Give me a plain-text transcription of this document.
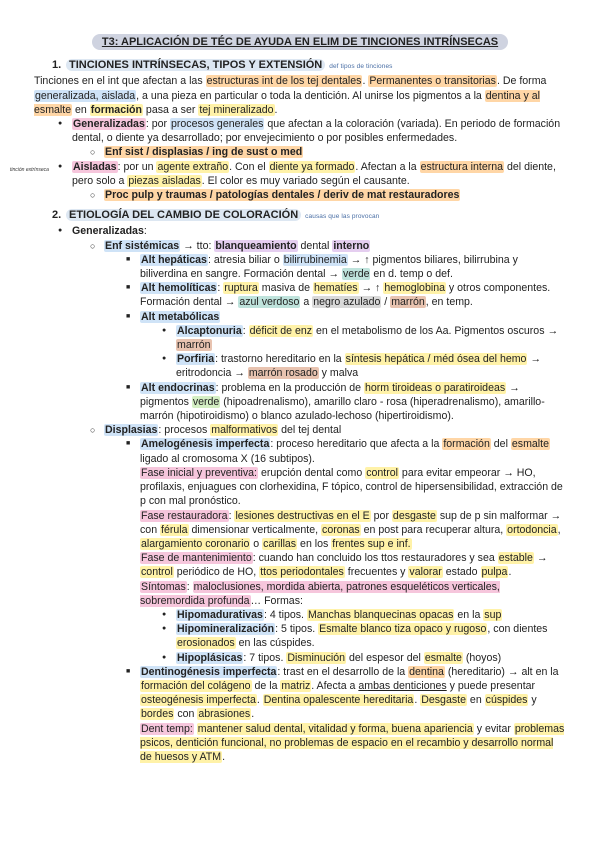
T3: APLICACIÓN DE TÉC DE AYUDA EN ELIM DE TINCIONES INTRÍNSECAS
1. TINCIONES INTRÍNSECAS, TIPOS Y EXTENSIÓN def tipos de tinciones

Tinciones en el int que afectan a las estructuras int de los tej dentales. Permanentes o transitorias. De forma generalizada, aislada, a una pieza en particular o toda la dentición. Al unirse los pigmentos a la dentina y al esmalte en formación pasa a ser tej mineralizado.

● Generalizadas: por procesos generales que afectan a la coloración (variada). En periodo de formación dental, o diente ya desarrollado; por envejecimiento o por posibles enfermedades.

○ Enf sist / displasias / ing de sust o med

● tinción extrínseca Aisladas: por un agente extraño. Con el diente ya formado. Afectan a la estructura interna del diente, pero solo a piezas aisladas. El color es muy variado según el causante.

○ Proc pulp y traumas / patologías dentales / deriv de mat restauradores

2. ETIOLOGÍA DEL CAMBIO DE COLORACIÓN causas que las provocan

● Generalizadas:

○ Enf sistémicas → tto: blanqueamiento dental interno

■ Alt hepáticas: atresia biliar o bilirrubinemia → ↑ pigmentos biliares, bilirrubina y biliverdina en sangre. Formación dental → verde en d. temp o def.

■ Alt hemolíticas: ruptura masiva de hematíes → ↑ hemoglobina y otros componentes. Formación dental → azul verdoso a negro azulado / marrón, en temp.

■ Alt metabólicas

● Alcaptonuria: déficit de enz en el metabolismo de los Aa. Pigmentos oscuros → marrón

● Porfiria: trastorno hereditario en la síntesis hepática / méd ósea del hemo → eritrodoncia → marrón rosado y malva

■ Alt endocrinas: problema en la producción de horm tiroideas o paratiroideas → pigmentos verde (hipoadrenalismo), amarillo claro - rosa (hiperadrenalismo), amarillo-marrón (hipotiroidismo) o blanco azulado-lechoso (hipertiroidismo).

○ Displasias: procesos malformativos del tej dental

■ Amelogénesis imperfecta: proceso hereditario que afecta a la formación del esmalte ligado al cromosoma X (16 subtipos).

Fase inicial y preventiva: erupción dental como control para evitar empeorar → HO, profilaxis, enjuagues con clorhexidina, F tópico, control de hipersensibilidad, extracción de p con mal pronóstico.

Fase restauradora: lesiones destructivas en el E por desgaste sup de p sin malformar → con férula dimensionar verticalmente, coronas en post para recuperar altura, ortodoncia, alargamiento coronario o carillas en los frentes sup e inf.

Fase de mantenimiento: cuando han concluido los ttos restauradores y sea estable → control periódico de HO, ttos periodontales frecuentes y valorar estado pulpa.

Síntomas: maloclusiones, mordida abierta, patrones esqueléticos verticales, sobremordida profunda… Formas:

● Hipomadurativas: 4 tipos. Manchas blanquecinas opacas en la sup

● Hipomineralización: 5 tipos. Esmalte blanco tiza opaco y rugoso, con dientes erosionados en las cúspides.

● Hipoplásicas: 7 tipos. Disminución del espesor del esmalte (hoyos)

■ Dentinogénesis imperfecta: trast en el desarrollo de la dentina (hereditario) → alt en la formación del colágeno de la matriz. Afecta a ambas denticiones y puede presentar osteogénesis imperfecta. Dentina opalescente hereditaria. Desgaste en cúspides y bordes con abrasiones.

Dent temp: mantener salud dental, vitalidad y forma, buena apariencia y evitar problemas psicos, dentición funcional, no problemas de espacio en el recambio y desarrollo normal de huesos y ATM.
